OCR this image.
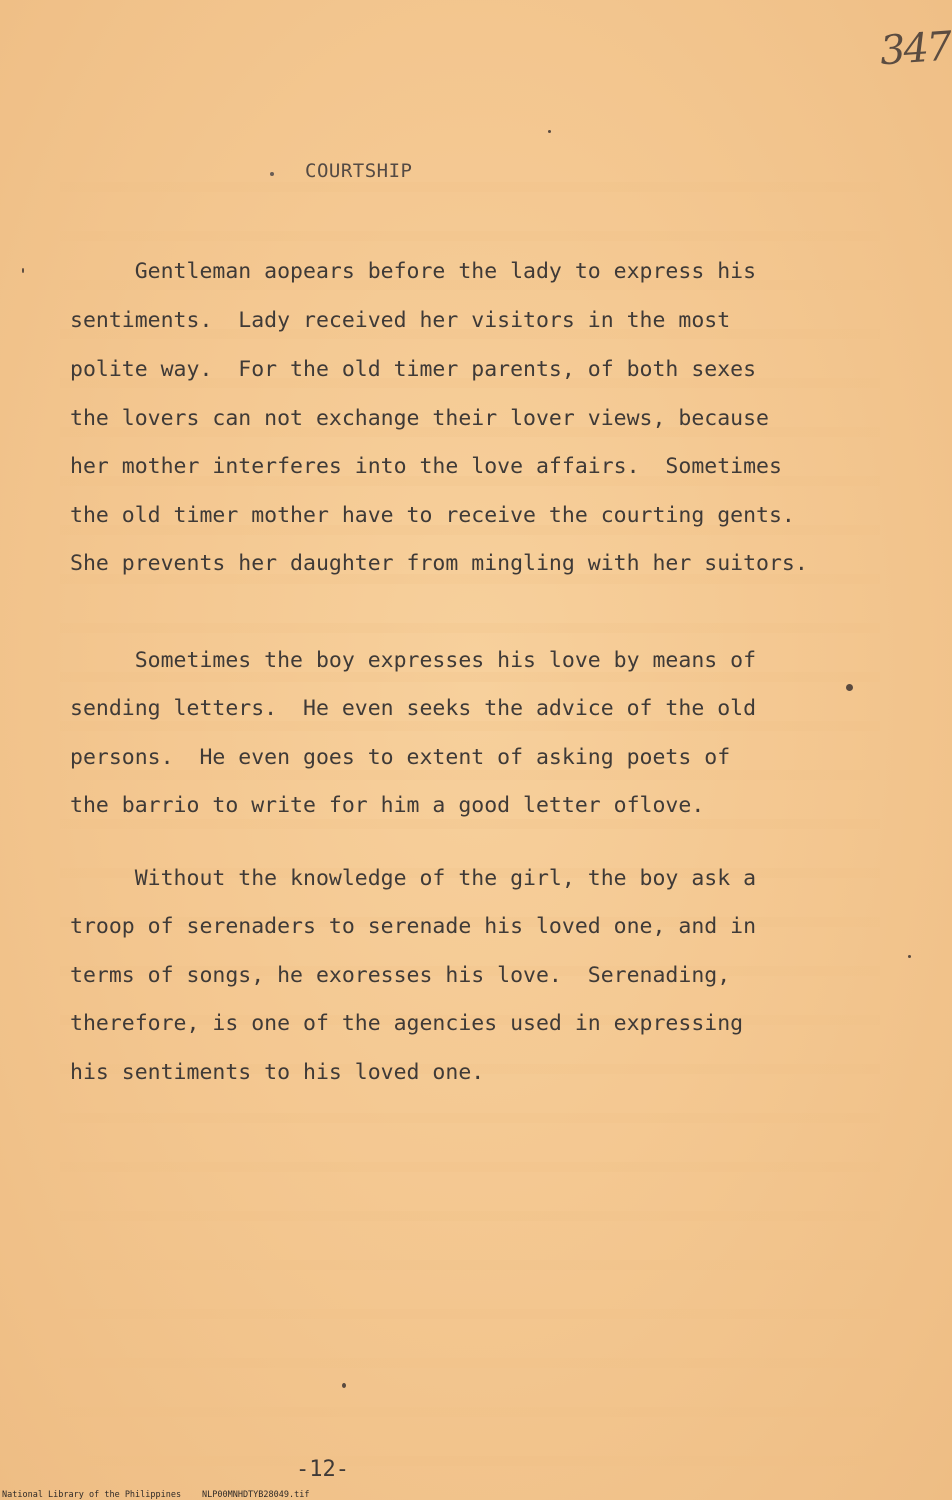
347
COURTSHIP
Gentleman aopears before the lady to express his
sentiments.  Lady received her visitors in the most
polite way.  For the old timer parents, of both sexes
the lovers can not exchange their lover views, because
her mother interferes into the love affairs.  Sometimes
the old timer mother have to receive the courting gents.
She prevents her daughter from mingling with her suitors.
Sometimes the boy expresses his love by means of
sending letters.  He even seeks the advice of the old
persons.  He even goes to extent of asking poets of
the barrio to write for him a good letter oflove.
Without the knowledge of the girl, the boy ask a
troop of serenaders to serenade his loved one, and in
terms of songs, he exoresses his love.  Serenading,
therefore, is one of the agencies used in expressing
his sentiments to his loved one.
-12-
National Library of the Philippines NLP00MNHDTYB28049.tif
